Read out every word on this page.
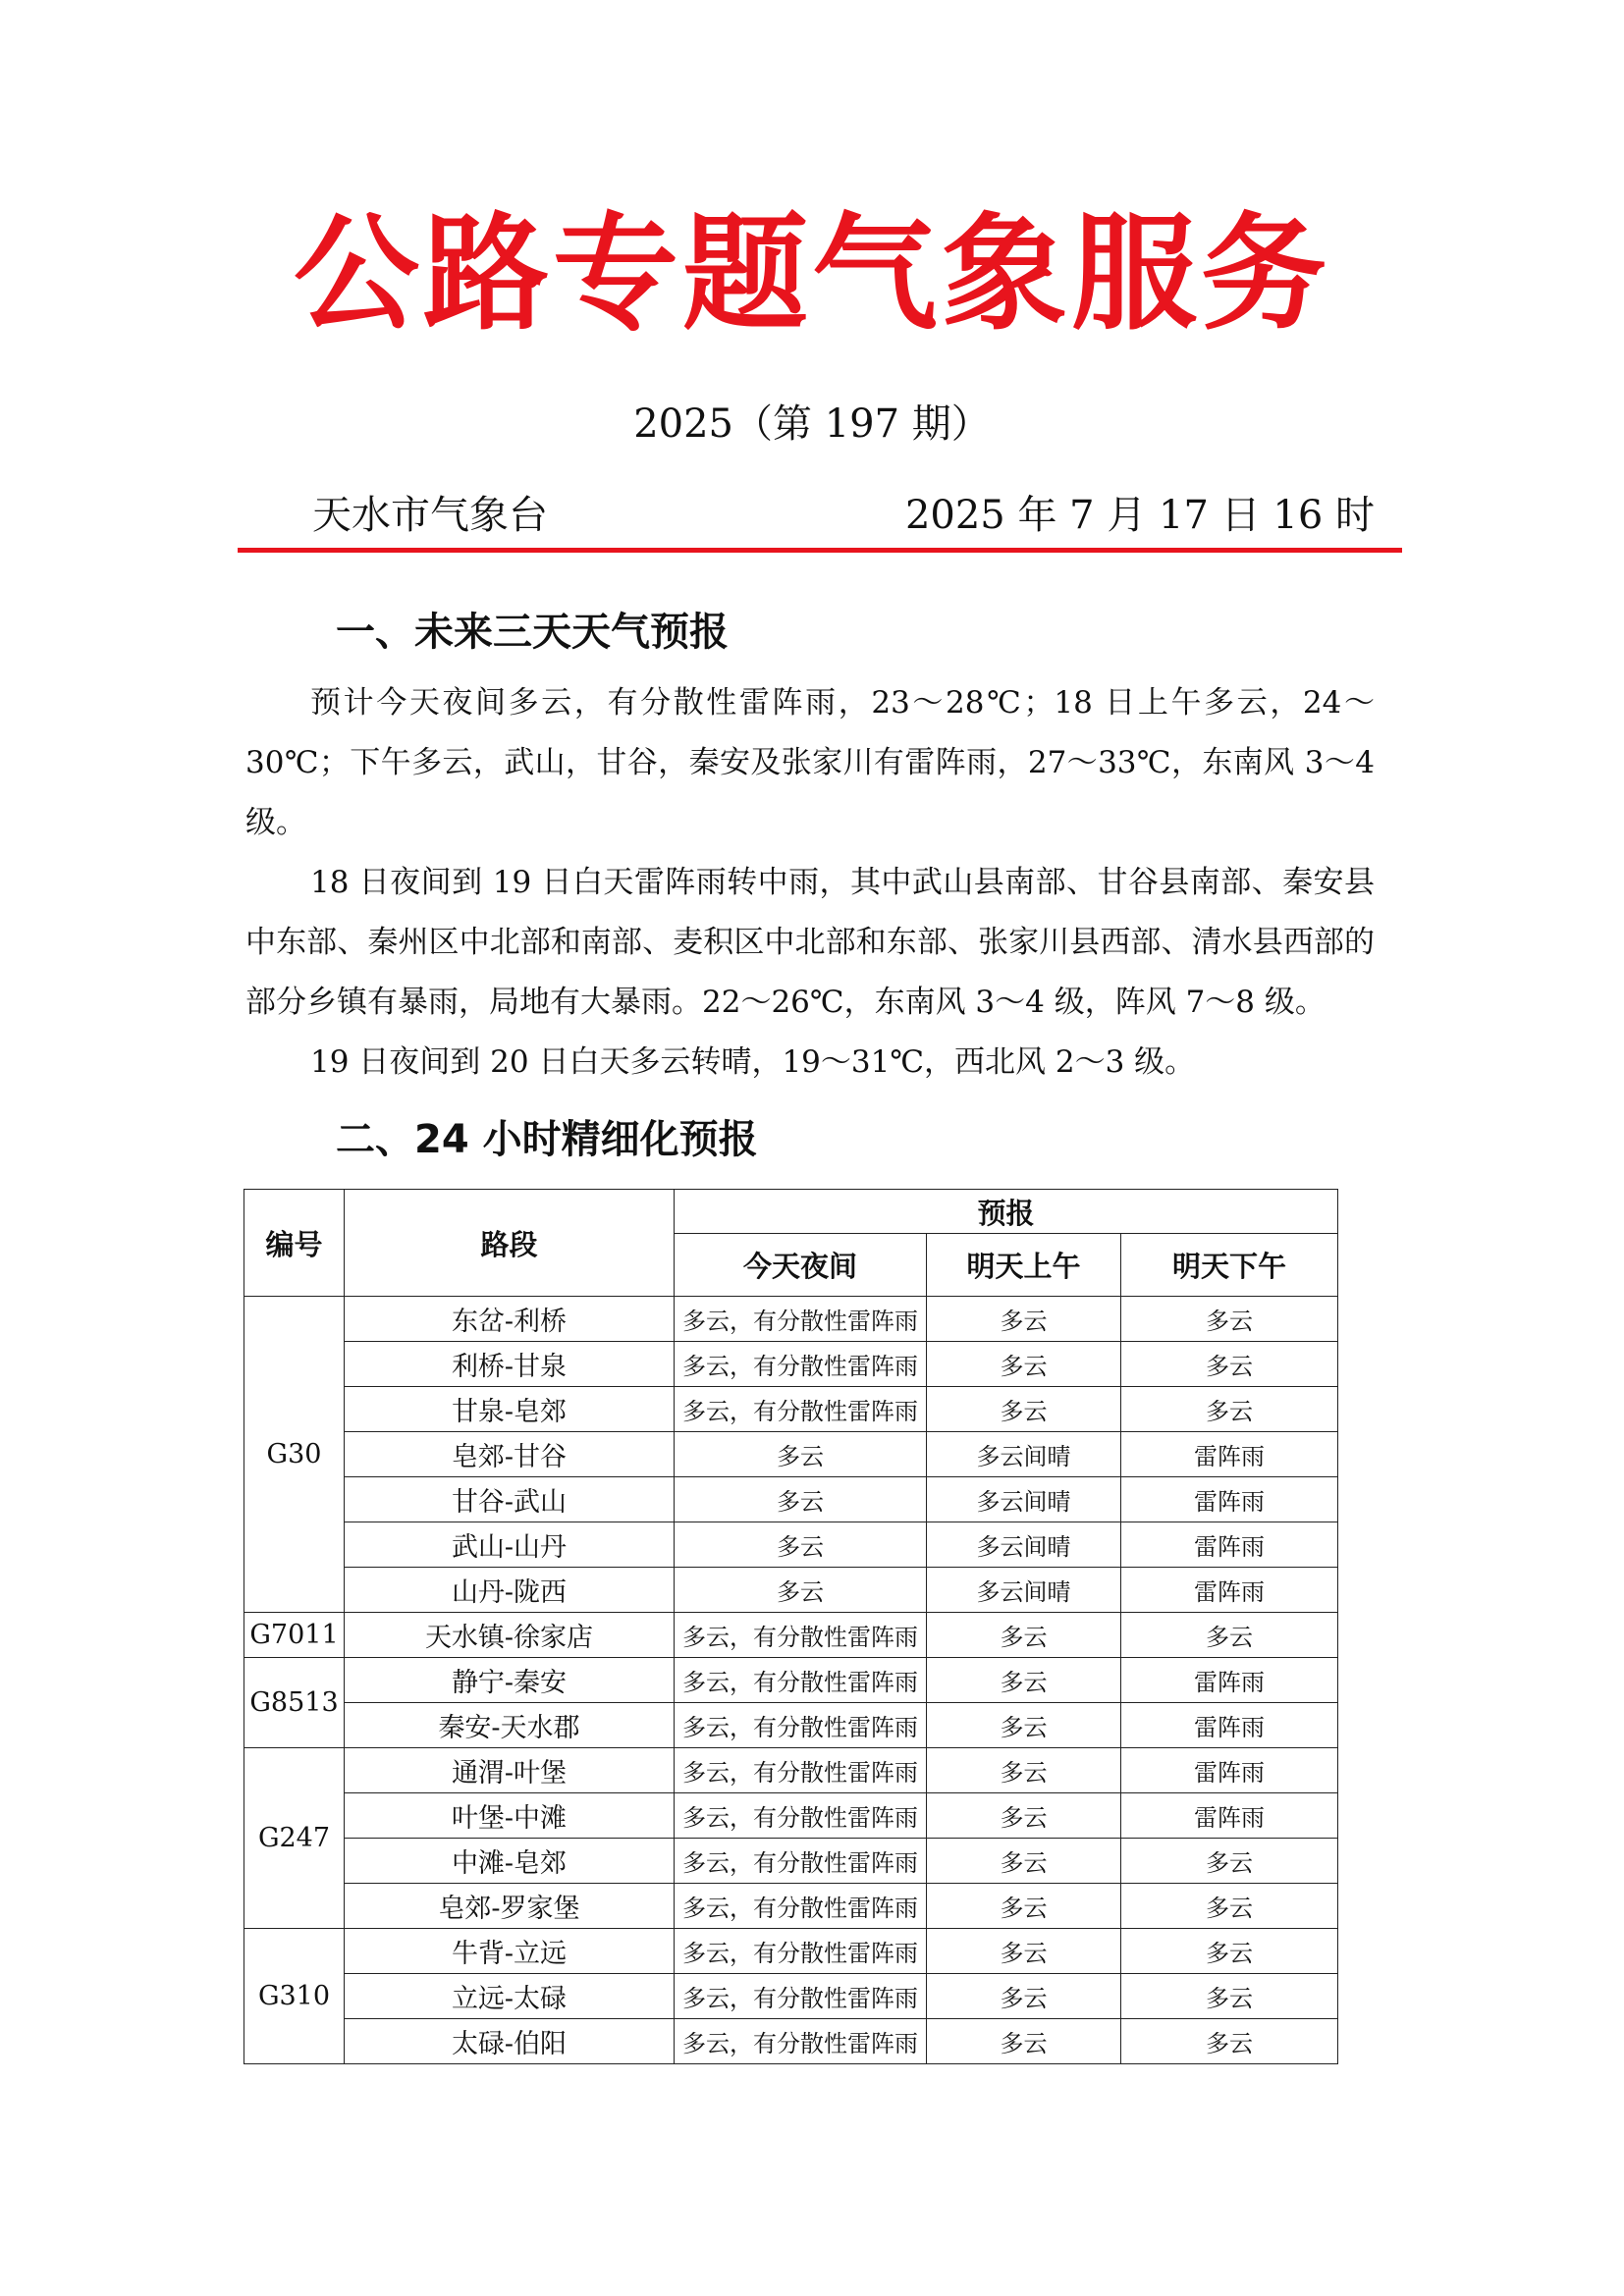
公路专题气象服务
2025（第 197 期）
天水市气象台	2025 年 7 月 17 日 16 时
一、未来三天天气预报

预计今天夜间多云，有分散性雷阵雨，23～28℃；18 日上午多云，24～30℃；下午多云，武山，甘谷，秦安及张家川有雷阵雨，27～33℃，东南风 3～4 级。

18 日夜间到 19 日白天雷阵雨转中雨，其中武山县南部、甘谷县南部、秦安县中东部、秦州区中北部和南部、麦积区中北部和东部、张家川县西部、清水县西部的部分乡镇有暴雨，局地有大暴雨。22～26℃，东南风 3～4 级，阵风 7～8 级。

19 日夜间到 20 日白天多云转晴，19～31℃，西北风 2～3 级。

二、24 小时精细化预报
编号	路段	预报		
		今天夜间	明天上午	明天下午
G30	东岔-利桥	多云，有分散性雷阵雨	多云	多云
	利桥-甘泉	多云，有分散性雷阵雨	多云	多云
	甘泉-皂郊	多云，有分散性雷阵雨	多云	多云
	皂郊-甘谷	多云	多云间晴	雷阵雨
	甘谷-武山	多云	多云间晴	雷阵雨
	武山-山丹	多云	多云间晴	雷阵雨
	山丹-陇西	多云	多云间晴	雷阵雨
G7011	天水镇-徐家店	多云，有分散性雷阵雨	多云	多云
G8513	静宁-秦安	多云，有分散性雷阵雨	多云	雷阵雨
	秦安-天水郡	多云，有分散性雷阵雨	多云	雷阵雨
G247	通渭-叶堡	多云，有分散性雷阵雨	多云	雷阵雨
	叶堡-中滩	多云，有分散性雷阵雨	多云	雷阵雨
	中滩-皂郊	多云，有分散性雷阵雨	多云	多云
	皂郊-罗家堡	多云，有分散性雷阵雨	多云	多云
G310	牛背-立远	多云，有分散性雷阵雨	多云	多云
	立远-太碌	多云，有分散性雷阵雨	多云	多云
	太碌-伯阳	多云，有分散性雷阵雨	多云	多云
